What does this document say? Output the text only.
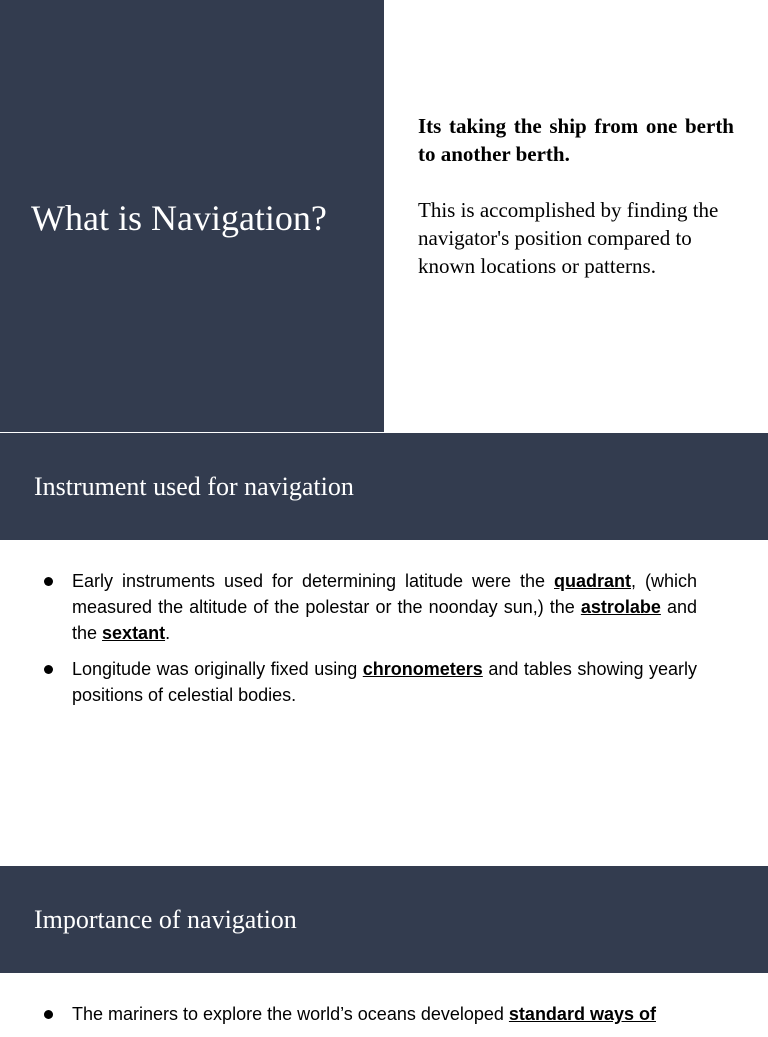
What is Navigation?

Its taking the ship from one berth to another berth.

This is accomplished by finding the navigator's position compared to known locations or patterns.

Instrument used for navigation
Early instruments used for determining latitude were the quadrant, (which measured the altitude of the polestar or the noonday sun,) the astrolabe and the sextant.
Longitude was originally fixed using chronometers and tables showing yearly positions of celestial bodies.
Importance of navigation
The mariners to explore the world’s oceans developed standard ways of
